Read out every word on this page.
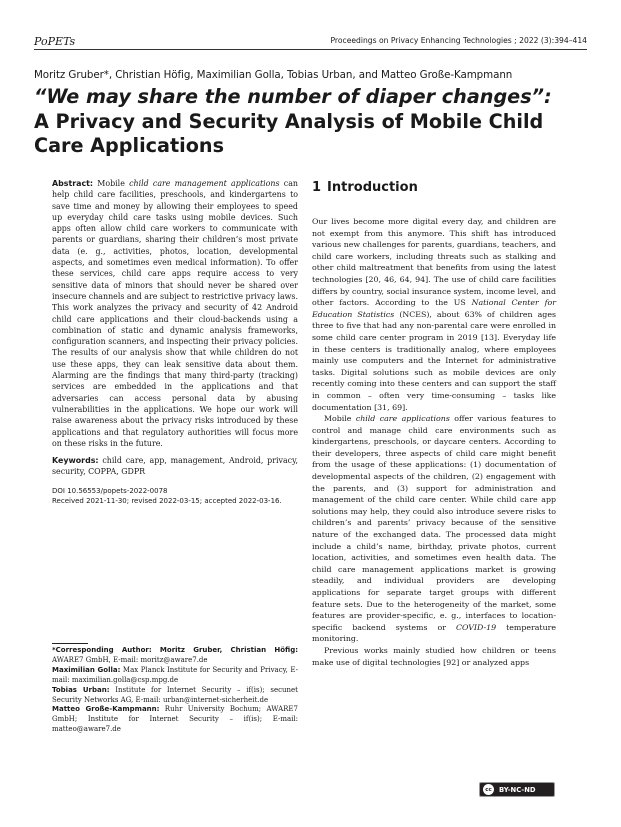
PoPETs	Proceedings on Privacy Enhancing Technologies ; 2022 (3):394–414
Moritz Gruber*, Christian Höfig, Maximilian Golla, Tobias Urban, and Matteo Große-Kampmann
“We may share the number of diaper changes”:
A Privacy and Security Analysis of Mobile Child Care Applications

Abstract: Mobile child care management applications can help child care facilities, preschools, and kindergartens to save time and money by allowing their employees to speed up everyday child care tasks using mobile devices. Such apps often allow child care workers to communicate with parents or guardians, sharing their children’s most private data (e. g., activities, photos, location, developmental aspects, and sometimes even medical information). To offer these services, child care apps require access to very sensitive data of minors that should never be shared over insecure channels and are subject to restrictive privacy laws. This work analyzes the privacy and security of 42 Android child care applications and their cloud-backends using a combination of static and dynamic analysis frameworks, configuration scanners, and inspecting their privacy policies. The results of our analysis show that while children do not use these apps, they can leak sensitive data about them. Alarming are the findings that many third-party (tracking) services are embedded in the applications and that adversaries can access personal data by abusing vulnerabilities in the applications. We hope our work will raise awareness about the privacy risks introduced by these applications and that regulatory authorities will focus more on these risks in the future.

Keywords: child care, app, management, Android, privacy, security, COPPA, GDPR

DOI 10.56553/popets-2022-0078
Received 2021-11-30; revised 2022-03-15; accepted 2022-03-16.

*Corresponding Author: Moritz Gruber, Christian Höfig: AWARE7 GmbH, E-mail: moritz@aware7.de

Maximilian Golla: Max Planck Institute for Security and Privacy, E-mail: maximilian.golla@csp.mpg.de

Tobias Urban: Institute for Internet Security – if(is); secunet Security Networks AG, E-mail: urban@internet-sicherheit.de

Matteo Große-Kampmann: Ruhr University Bochum; AWARE7 GmbH; Institute for Internet Security – if(is); E-mail: matteo@aware7.de

1 Introduction

Our lives become more digital every day, and children are not exempt from this anymore. This shift has introduced various new challenges for parents, guardians, teachers, and child care workers, including threats such as stalking and other child maltreatment that benefits from using the latest technologies [20, 46, 64, 94]. The use of child care facilities differs by country, social insurance system, income level, and other factors. According to the US National Center for Education Statistics (NCES), about 63% of children ages three to five that had any non-parental care were enrolled in some child care center program in 2019 [13]. Everyday life in these centers is traditionally analog, where employees mainly use computers and the Internet for administrative tasks. Digital solutions such as mobile devices are only recently coming into these centers and can support the staff in common – often very time-consuming – tasks like documentation [31, 69].

Mobile child care applications offer various features to control and manage child care environments such as kindergartens, preschools, or daycare centers. According to their developers, three aspects of child care might benefit from the usage of these applications: (1) documentation of developmental aspects of the children, (2) engagement with the parents, and (3) support for administration and management of the child care center. While child care app solutions may help, they could also introduce severe risks to children’s and parents’ privacy because of the sensitive nature of the exchanged data. The processed data might include a child’s name, birthday, private photos, current location, activities, and sometimes even health data. The child care management applications market is growing steadily, and individual providers are developing applications for separate target groups with different feature sets. Due to the heterogeneity of the market, some features are provider-specific, e. g., interfaces to location-specific backend systems or COVID-19 temperature monitoring.

Previous works mainly studied how children or teens make use of digital technologies [92] or analyzed apps

cc	BY-NC-ND
